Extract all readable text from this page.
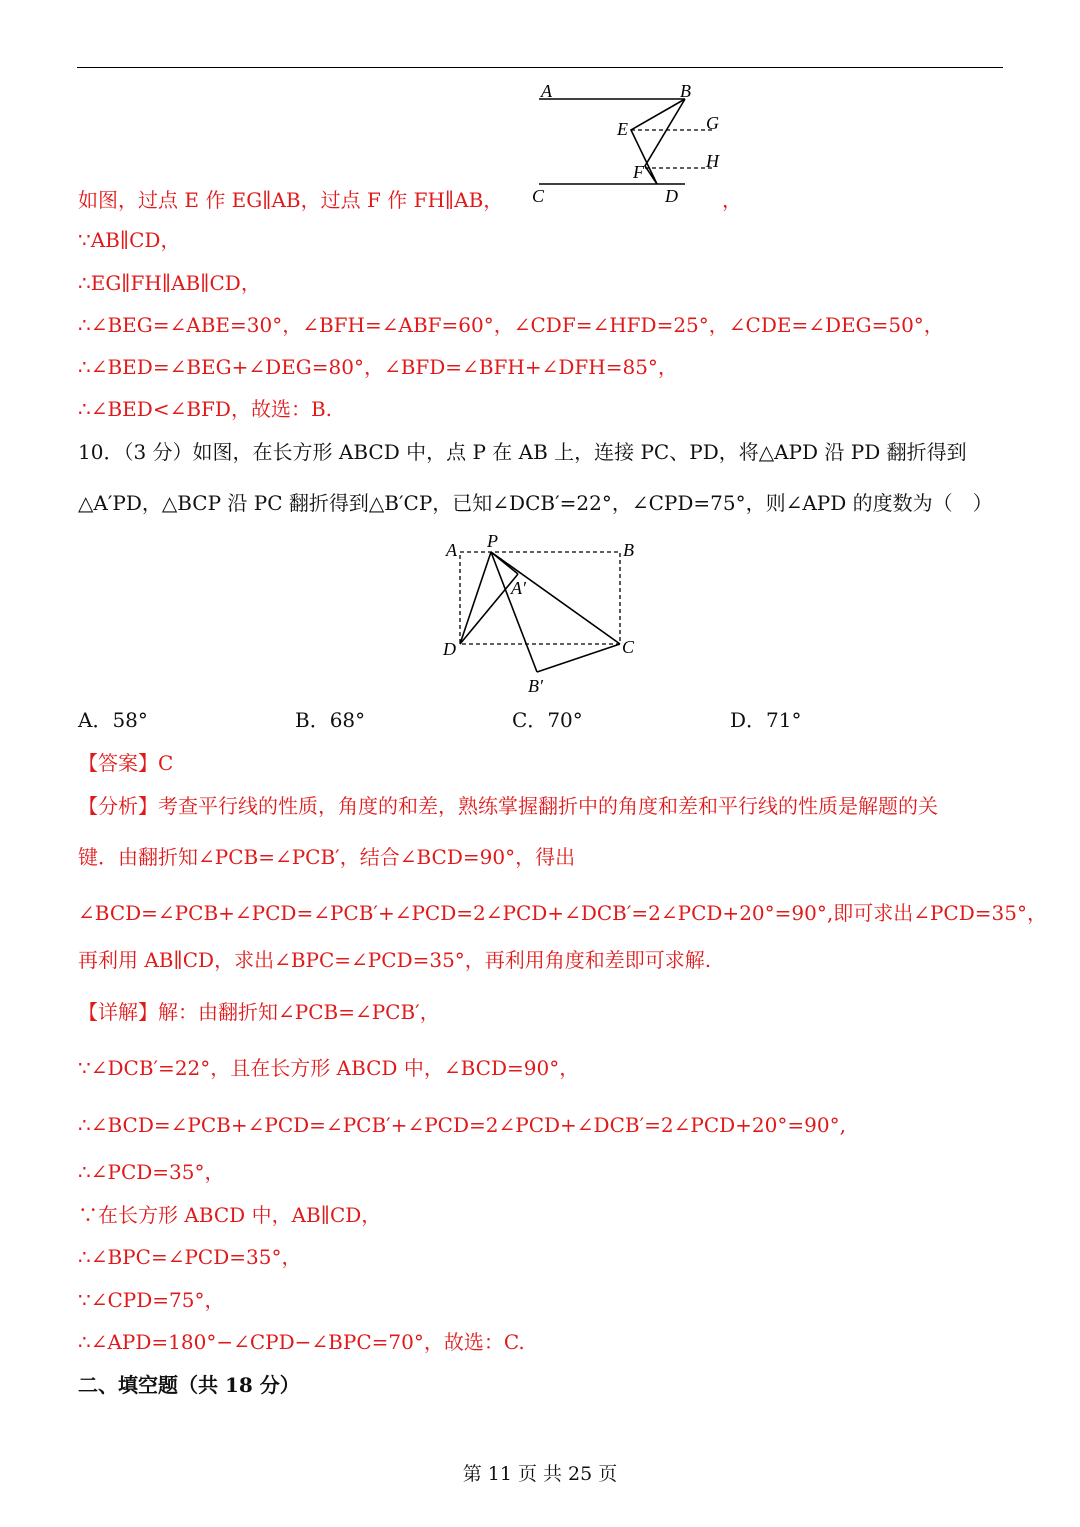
A	B
E	G
H
F
C	D
如图，过点 E 作 EG∥AB，过点 F 作 FH∥AB，	，
∵AB∥CD，
∴EG∥FH∥AB∥CD，
∴∠BEG=∠ABE=30°，∠BFH=∠ABF=60°，∠CDF=∠HFD=25°，∠CDE=∠DEG=50°，
∴∠BED=∠BEG+∠DEG=80°，∠BFD=∠BFH+∠DFH=85°，
∴∠BED<∠BFD，故选：B.
10．（3 分）如图，在长方形 ABCD 中，点 P 在 AB 上，连接 PC、PD，将△APD 沿 PD 翻折得到
△A′PD，△BCP 沿 PC 翻折得到△B′CP，已知∠DCB′=22°，∠CPD=75°，则∠APD 的度数为（　）
A P	B
A′
D	C
B′
A．58°	B．68°	C．70°	D．71°
【答案】C
【分析】考查平行线的性质，角度的和差，熟练掌握翻折中的角度和差和平行线的性质是解题的关
键．由翻折知∠PCB=∠PCB′，结合∠BCD=90°，得出
∠BCD=∠PCB+∠PCD=∠PCB′+∠PCD=2∠PCD+∠DCB′=2∠PCD+20°=90°,即可求出∠PCD=35°，
再利用 AB∥CD，求出∠BPC=∠PCD=35°，再利用角度和差即可求解.
【详解】解：由翻折知∠PCB=∠PCB′，
∵∠DCB′=22°，且在长方形 ABCD 中，∠BCD=90°，
∴∠BCD=∠PCB+∠PCD=∠PCB′+∠PCD=2∠PCD+∠DCB′=2∠PCD+20°=90°,
∴∠PCD=35°，
∵在长方形 ABCD 中，AB∥CD，
∴∠BPC=∠PCD=35°，
∵∠CPD=75°，
∴∠APD=180°−∠CPD−∠BPC=70°，故选：C.
二、填空题（共 18 分）
第 11 页 共 25 页
